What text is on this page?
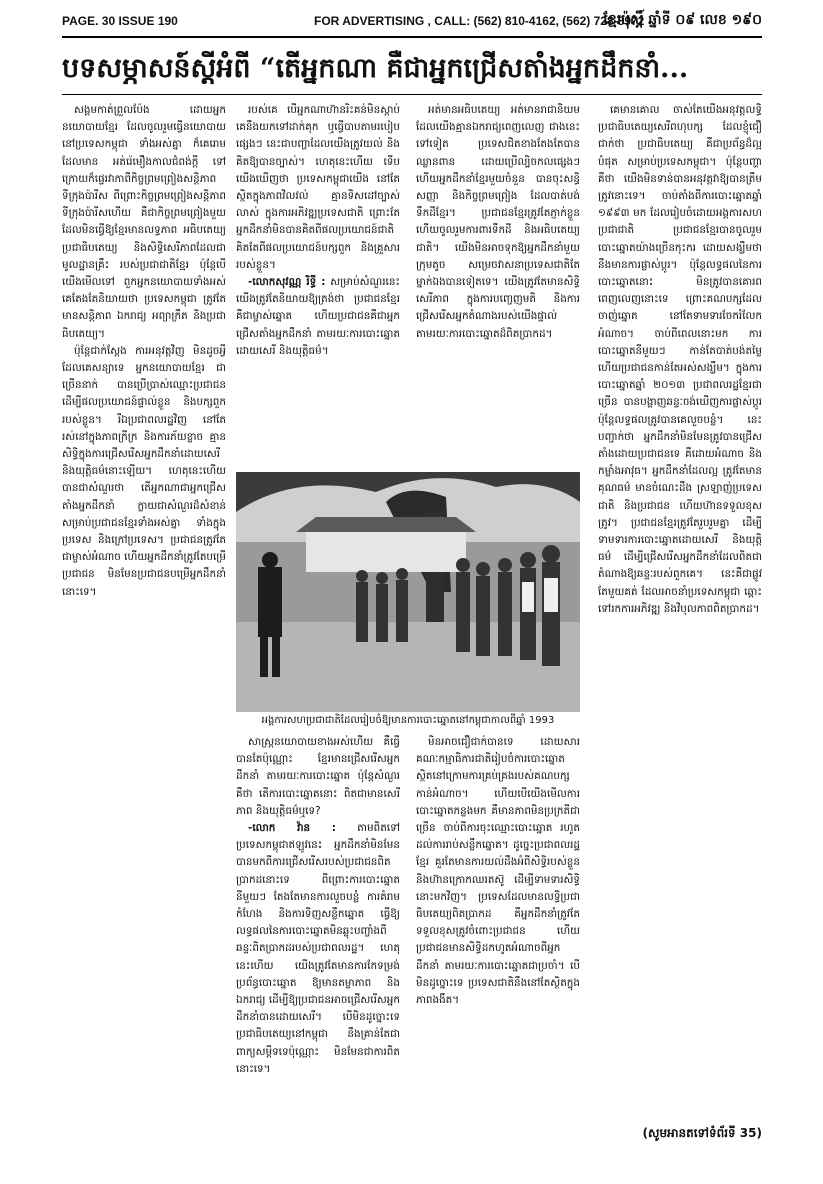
PAGE. 30 ISSUE 190	FOR ADVERTISING , CALL: (562) 810-4162, (562) 728-8972
ខ្មែរប៉ុស្ដិ៍ ឆ្នាំទី ០៩ លេខ ១៩០
បទសម្ភាសន៍ស្ដីអំពី “តើអ្នកណា គឺជាអ្នកជ្រើសតាំងអ្នកដឹកនាំ...

សង្គមកាត់ព្រួលប៉ែង ដោយអ្នកនយោបាយខ្មែរ ដែលចូលរួមធ្វើនយោបាយនៅប្រទេសកម្ពុជា ទាំងអស់គ្នា ក៏គេរោមដែលមាន អត់រ៉េមឿងកាលជំពង់ក្ដី ទៅក្រោយក៏ផ្ទេរវាកាពីកិច្ចព្រមព្រៀងសន្ដិភាព ទីក្រុងប៉ារីស ពីព្រោះកិច្ចព្រមព្រៀងសន្ដិភាព ទីក្រុងប៉ារីសហើយ គឺជាកិច្ចព្រមព្រៀងមួយ ដែលមិនធ្វើឱ្យខ្មែរមានលទ្ធភាព អធិបតេយ្យ ប្រជាធិបតេយ្យ និងសិទ្ធិសេរីភាពដែលជាមូលដ្ឋានគ្រឹះ របស់ប្រជាជាតិខ្មែរ ប៉ុន្ដែបើយើងមើលទៅ ពួកអ្នកនយោបាយទាំងអស់ គេតែងតែនិយាយថា ប្រទេសកម្ពុជា ត្រូវតែមានសន្ដិភាព ឯករាជ្យ អព្យាក្រឹត និងប្រជាធិបតេយ្យ។

ប៉ុន្ដែជាក់ស្ដែង ការអនុវត្តវិញ មិនដូចអ្វីដែលគេសន្យាទេ អ្នកនយោបាយខ្មែរ ជាច្រើននាក់ បានប្រើប្រាស់ឈ្មោះប្រជាជន ដើម្បីផលប្រយោជន៍ផ្ទាល់ខ្លួន និងបក្សពួករបស់ខ្លួន។ រីឯប្រជាពលរដ្ឋវិញ នៅតែរស់នៅក្នុងភាពក្រីក្រ និងការភ័យខ្លាច គ្មានសិទ្ធិក្នុងការជ្រើសរើសអ្នកដឹកនាំដោយសេរី និងយុត្តិធម៌នោះឡើយ។ ហេតុនេះហើយ បានជាសំណួរថា តើអ្នកណាជាអ្នកជ្រើសតាំងអ្នកដឹកនាំ ក្លាយជាសំណួរដ៏សំខាន់ សម្រាប់ប្រជាជនខ្មែរទាំងអស់គ្នា ទាំងក្នុងប្រទេស និងក្រៅប្រទេស។ ប្រជាជនត្រូវតែជាម្ចាស់អំណាច ហើយអ្នកដឹកនាំត្រូវតែបម្រើប្រជាជន មិនមែនប្រជាជនបម្រើអ្នកដឹកនាំនោះទេ។

របស់គេ បើអ្នកណាហ៊ានរិះគន់មិនស្ដាប់ គេនឹងយកទៅដាក់គុក ឬធ្វើបាបតាមរបៀបផ្សេងៗ នេះជាបញ្ហាដែលយើងត្រូវយល់ និងគិតឱ្យបានច្បាស់។ ហេតុនេះហើយ ទើបយើងឃើញថា ប្រទេសកម្ពុជាយើង នៅតែស្ថិតក្នុងភាពវិលវល់ គ្មានទិសដៅច្បាស់លាស់ ក្នុងការអភិវឌ្ឍប្រទេសជាតិ ព្រោះតែអ្នកដឹកនាំមិនបានគិតពីផលប្រយោជន៍ជាតិ គិតតែពីផលប្រយោជន៍បក្សពួក និងគ្រួសាររបស់ខ្លួន។

-លោកសុវណ្ណ រិទ្ធី : សម្រាប់សំណួរនេះ យើងត្រូវតែនិយាយឱ្យត្រង់ថា ប្រជាជនខ្មែរ គឺជាម្ចាស់ឆ្នោត ហើយប្រជាជនគឺជាអ្នកជ្រើសតាំងអ្នកដឹកនាំ តាមរយៈការបោះឆ្នោតដោយសេរី និងយុត្តិធម៌។

អត់មានអធិបតេយ្យ អត់មានរាជានិយម ដែលយើងគ្មានឯករាជ្យពេញលេញ ជាងនេះទៅទៀត ប្រទេសជិតខាងតែងតែបានឈ្លានពាន ដោយប្រើល្បិចកលផ្សេងៗ ហើយអ្នកដឹកនាំខ្មែរមួយចំនួន បានចុះសន្ធិសញ្ញា និងកិច្ចព្រមព្រៀង ដែលបាត់បង់ទឹកដីខ្មែរ។ ប្រជាជនខ្មែរត្រូវតែភ្ញាក់ខ្លួន ហើយចូលរួមការពារទឹកដី និងអធិបតេយ្យជាតិ។ យើងមិនអាចទុកឱ្យអ្នកដឹកនាំមួយក្រុមតូច សម្រេចវាសនាប្រទេសជាតិតែម្នាក់ឯងបានទៀតទេ។ យើងត្រូវតែមានសិទ្ធិសេរីភាព ក្នុងការបញ្ចេញមតិ និងការជ្រើសរើសអ្នកតំណាងរបស់យើងផ្ទាល់ តាមរយៈការបោះឆ្នោតដ៏ពិតប្រាកដ។

អង្គការសហប្រជាជាតិដែលរៀបចំឱ្យមានការបោះឆ្នោតនៅកម្ពុជាកាលពីឆ្នាំ 1993

សាស្ត្រនយោបាយខាងអស់ហើយ គឺធ្វើបានតែប៉ុណ្ណោះ ខ្មែរមានជ្រើសរើសអ្នកដឹកនាំ តាមរយៈការបោះឆ្នោត ប៉ុន្ដែសំណួរគឺថា តើការបោះឆ្នោតនោះ ពិតជាមានសេរីភាព និងយុត្តិធម៌ឬទេ?

-លោក វ៉ាន : តាមពិតទៅ ប្រទេសកម្ពុជាឥឡូវនេះ អ្នកដឹកនាំមិនមែនបានមកពីការជ្រើសរើសរបស់ប្រជាជនពិតប្រាកដនោះទេ ពីព្រោះការបោះឆ្នោតនីមួយៗ តែងតែមានការលួចបន្លំ ការគំរាមកំហែង និងការទិញសន្លឹកឆ្នោត ធ្វើឱ្យលទ្ធផលនៃការបោះឆ្នោតមិនឆ្លុះបញ្ចាំងពីឆន្ទៈពិតប្រាកដរបស់ប្រជាពលរដ្ឋ។ ហេតុនេះហើយ យើងត្រូវតែមានការកែទម្រង់ប្រព័ន្ធបោះឆ្នោត ឱ្យមានតម្លាភាព និងឯករាជ្យ ដើម្បីឱ្យប្រជាជនអាចជ្រើសរើសអ្នកដឹកនាំបានដោយសេរី។ បើមិនដូច្នោះទេ ប្រជាធិបតេយ្យនៅកម្ពុជា នឹងគ្រាន់តែជាពាក្យសម្ដីទទេប៉ុណ្ណោះ មិនមែនជាការពិតនោះទេ។

មិនអាចជឿជាក់បានទេ ដោយសារគណៈកម្មាធិការជាតិរៀបចំការបោះឆ្នោត ស្ថិតនៅក្រោមការគ្រប់គ្រងរបស់គណបក្សកាន់អំណាច។ ហើយបើយើងមើលការបោះឆ្នោតកន្លងមក គឺមានភាពមិនប្រក្រតីជាច្រើន ចាប់ពីការចុះឈ្មោះបោះឆ្នោត រហូតដល់ការរាប់សន្លឹកឆ្នោត។ ដូច្នេះប្រជាពលរដ្ឋខ្មែរ គួរតែមានការយល់ដឹងអំពីសិទ្ធិរបស់ខ្លួន និងហ៊ានក្រោកឈរតស៊ូ ដើម្បីទាមទារសិទ្ធិនោះមកវិញ។ ប្រទេសដែលមានលទ្ធិប្រជាធិបតេយ្យពិតប្រាកដ គឺអ្នកដឹកនាំត្រូវតែទទួលខុសត្រូវចំពោះប្រជាជន ហើយប្រជាជនមានសិទ្ធិដកហូតអំណាចពីអ្នកដឹកនាំ តាមរយៈការបោះឆ្នោតជាប្រចាំ។ បើមិនដូច្នោះទេ ប្រទេសជាតិនឹងនៅតែស្ថិតក្នុងភាពងងឹត។

គេមានគោល ចាស់តែយើងអនុវត្តលទ្ធិប្រជាធិបតេយ្យសេរីពហុបក្ស ដែលខ្ញុំជឿជាក់ថា ប្រជាធិបតេយ្យ គឺជាប្រព័ន្ធដ៏ល្អបំផុត សម្រាប់ប្រទេសកម្ពុជា។ ប៉ុន្ដែបញ្ហាគឺថា យើងមិនទាន់បានអនុវត្តវាឱ្យបានត្រឹមត្រូវនោះទេ។ ចាប់តាំងពីការបោះឆ្នោតឆ្នាំ ១៩៩៣ មក ដែលរៀបចំដោយអង្គការសហប្រជាជាតិ ប្រជាជនខ្មែរបានចូលរួមបោះឆ្នោតយ៉ាងច្រើនកុះករ ដោយសង្ឃឹមថា នឹងមានការផ្លាស់ប្ដូរ។ ប៉ុន្ដែលទ្ធផលនៃការបោះឆ្នោតនោះ មិនត្រូវបានគោរពពេញលេញនោះទេ ព្រោះគណបក្សដែលចាញ់ឆ្នោត នៅតែទាមទារចែករំលែកអំណាច។ ចាប់ពីពេលនោះមក ការបោះឆ្នោតនីមួយៗ កាន់តែបាត់បង់តម្លៃ ហើយប្រជាជនកាន់តែអស់សង្ឃឹម។ ក្នុងការបោះឆ្នោតឆ្នាំ ២០១៣ ប្រជាពលរដ្ឋខ្មែរជាច្រើន បានបង្ហាញឆន្ទៈចង់ឃើញការផ្លាស់ប្ដូរ ប៉ុន្ដែលទ្ធផលត្រូវបានគេលួចបន្លំ។ នេះបញ្ជាក់ថា អ្នកដឹកនាំមិនមែនត្រូវបានជ្រើសតាំងដោយប្រជាជនទេ គឺដោយអំណាច និងកម្លាំងអាវុធ។ អ្នកដឹកនាំដែលល្អ ត្រូវតែមានគុណធម៌ មានចំណេះដឹង ស្រឡាញ់ប្រទេសជាតិ និងប្រជាជន ហើយហ៊ានទទួលខុសត្រូវ។ ប្រជាជនខ្មែរត្រូវតែរួបរួមគ្នា ដើម្បីទាមទារការបោះឆ្នោតដោយសេរី និងយុត្តិធម៌ ដើម្បីជ្រើសរើសអ្នកដឹកនាំដែលពិតជាតំណាងឱ្យឆន្ទៈរបស់ពួកគេ។ នេះគឺជាផ្លូវតែមួយគត់ ដែលអាចនាំប្រទេសកម្ពុជា ឆ្ពោះទៅរកការអភិវឌ្ឍ និងវិបុលភាពពិតប្រាកដ។

(សូមអានតទៅទំព័រទី 35)
